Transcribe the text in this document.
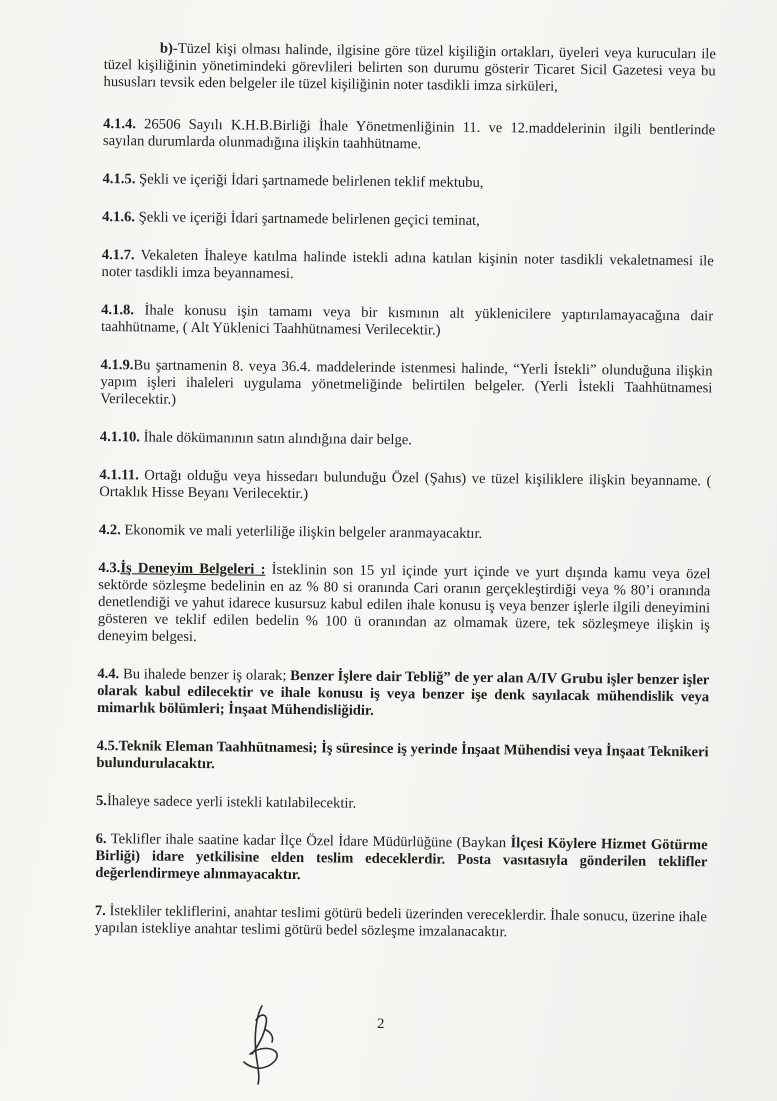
b)-Tüzel kişi olması halinde, ilgisine göre tüzel kişiliğin ortakları, üyeleri veya kurucuları ile tüzel kişiliğinin yönetimindeki görevlileri belirten son durumu gösterir Ticaret Sicil Gazetesi veya bu hususları tevsik eden belgeler ile tüzel kişiliğinin noter tasdikli imza sirküleri,

4.1.4. 26506 Sayılı K.H.B.Birliği İhale Yönetmenliğinin 11. ve 12.maddelerinin ilgili bentlerinde sayılan durumlarda olunmadığına ilişkin taahhütname.

4.1.5. Şekli ve içeriği İdari şartnamede belirlenen teklif mektubu,

4.1.6. Şekli ve içeriği İdari şartnamede belirlenen geçici teminat,

4.1.7. Vekaleten İhaleye katılma halinde istekli adına katılan kişinin noter tasdikli vekaletnamesi ile noter tasdikli imza beyannamesi.

4.1.8. İhale konusu işin tamamı veya bir kısmının alt yüklenicilere yaptırılamayacağına dair taahhütname, ( Alt Yüklenici Taahhütnamesi Verilecektir.)

4.1.9.Bu şartnamenin 8. veya 36.4. maddelerinde istenmesi halinde, “Yerli İstekli” olunduğuna ilişkin yapım işleri ihaleleri uygulama yönetmeliğinde belirtilen belgeler. (Yerli İstekli Taahhütnamesi Verilecektir.)

4.1.10. İhale dökümanının satın alındığına dair belge.

4.1.11. Ortağı olduğu veya hissedarı bulunduğu Özel (Şahıs) ve tüzel kişiliklere ilişkin beyanname. ( Ortaklık Hisse Beyanı Verilecektir.)

4.2. Ekonomik ve mali yeterliliğe ilişkin belgeler aranmayacaktır.

4.3.İş Deneyim Belgeleri : İsteklinin son 15 yıl içinde yurt içinde ve yurt dışında kamu veya özel sektörde sözleşme bedelinin en az % 80 si oranında Cari oranın gerçekleştirdiği veya % 80’i oranında denetlendiği ve yahut idarece kusursuz kabul edilen ihale konusu iş veya benzer işlerle ilgili deneyimini gösteren ve teklif edilen bedelin % 100 ü oranından az olmamak üzere, tek sözleşmeye ilişkin iş deneyim belgesi.

4.4. Bu ihalede benzer iş olarak; Benzer İşlere dair Tebliğ” de yer alan A/IV Grubu işler benzer işler olarak kabul edilecektir ve ihale konusu iş veya benzer işe denk sayılacak mühendislik veya mimarlık bölümleri; İnşaat Mühendisliğidir.

4.5.Teknik Eleman Taahhütnamesi; İş süresince iş yerinde İnşaat Mühendisi veya İnşaat Teknikeri bulundurulacaktır.

5.İhaleye sadece yerli istekli katılabilecektir.

6. Teklifler ihale saatine kadar İlçe Özel İdare Müdürlüğüne (Baykan İlçesi Köylere Hizmet Götürme Birliği) idare yetkilisine elden teslim edeceklerdir. Posta vasıtasıyla gönderilen teklifler değerlendirmeye alınmayacaktır.

7. İstekliler tekliflerini, anahtar teslimi götürü bedeli üzerinden vereceklerdir. İhale sonucu, üzerine ihale yapılan istekliye anahtar teslimi götürü bedel sözleşme imzalanacaktır.

2
